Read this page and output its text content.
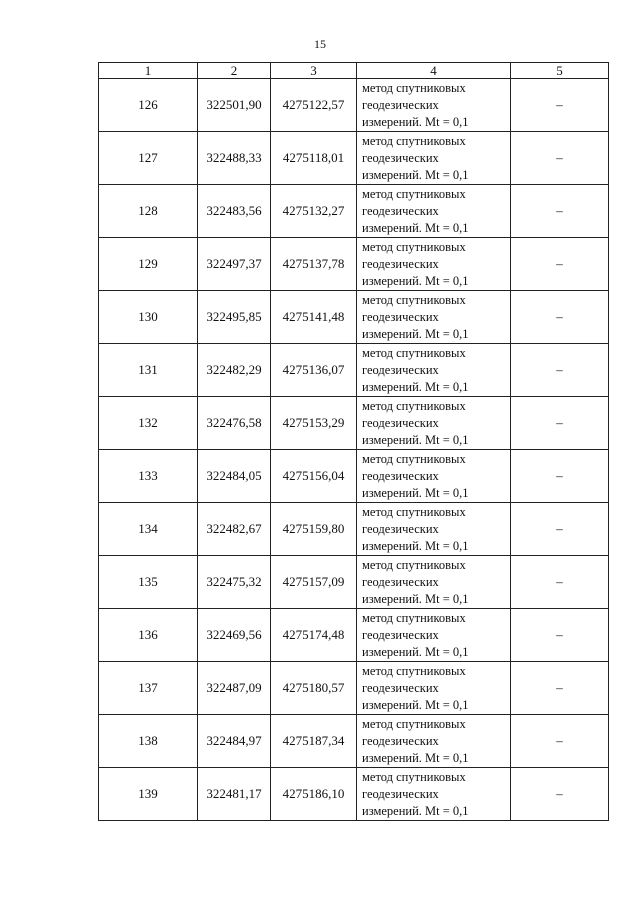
15
1	2	3	4	5
126	322501,90	4275122,57	метод спутниковых
геодезических
измерений. Mt = 0,1	–
127	322488,33	4275118,01	метод спутниковых
геодезических
измерений. Mt = 0,1	–
128	322483,56	4275132,27	метод спутниковых
геодезических
измерений. Mt = 0,1	–
129	322497,37	4275137,78	метод спутниковых
геодезических
измерений. Mt = 0,1	–
130	322495,85	4275141,48	метод спутниковых
геодезических
измерений. Mt = 0,1	–
131	322482,29	4275136,07	метод спутниковых
геодезических
измерений. Mt = 0,1	–
132	322476,58	4275153,29	метод спутниковых
геодезических
измерений. Mt = 0,1	–
133	322484,05	4275156,04	метод спутниковых
геодезических
измерений. Mt = 0,1	–
134	322482,67	4275159,80	метод спутниковых
геодезических
измерений. Mt = 0,1	–
135	322475,32	4275157,09	метод спутниковых
геодезических
измерений. Mt = 0,1	–
136	322469,56	4275174,48	метод спутниковых
геодезических
измерений. Mt = 0,1	–
137	322487,09	4275180,57	метод спутниковых
геодезических
измерений. Mt = 0,1	–
138	322484,97	4275187,34	метод спутниковых
геодезических
измерений. Mt = 0,1	–
139	322481,17	4275186,10	метод спутниковых
геодезических
измерений. Mt = 0,1	–
